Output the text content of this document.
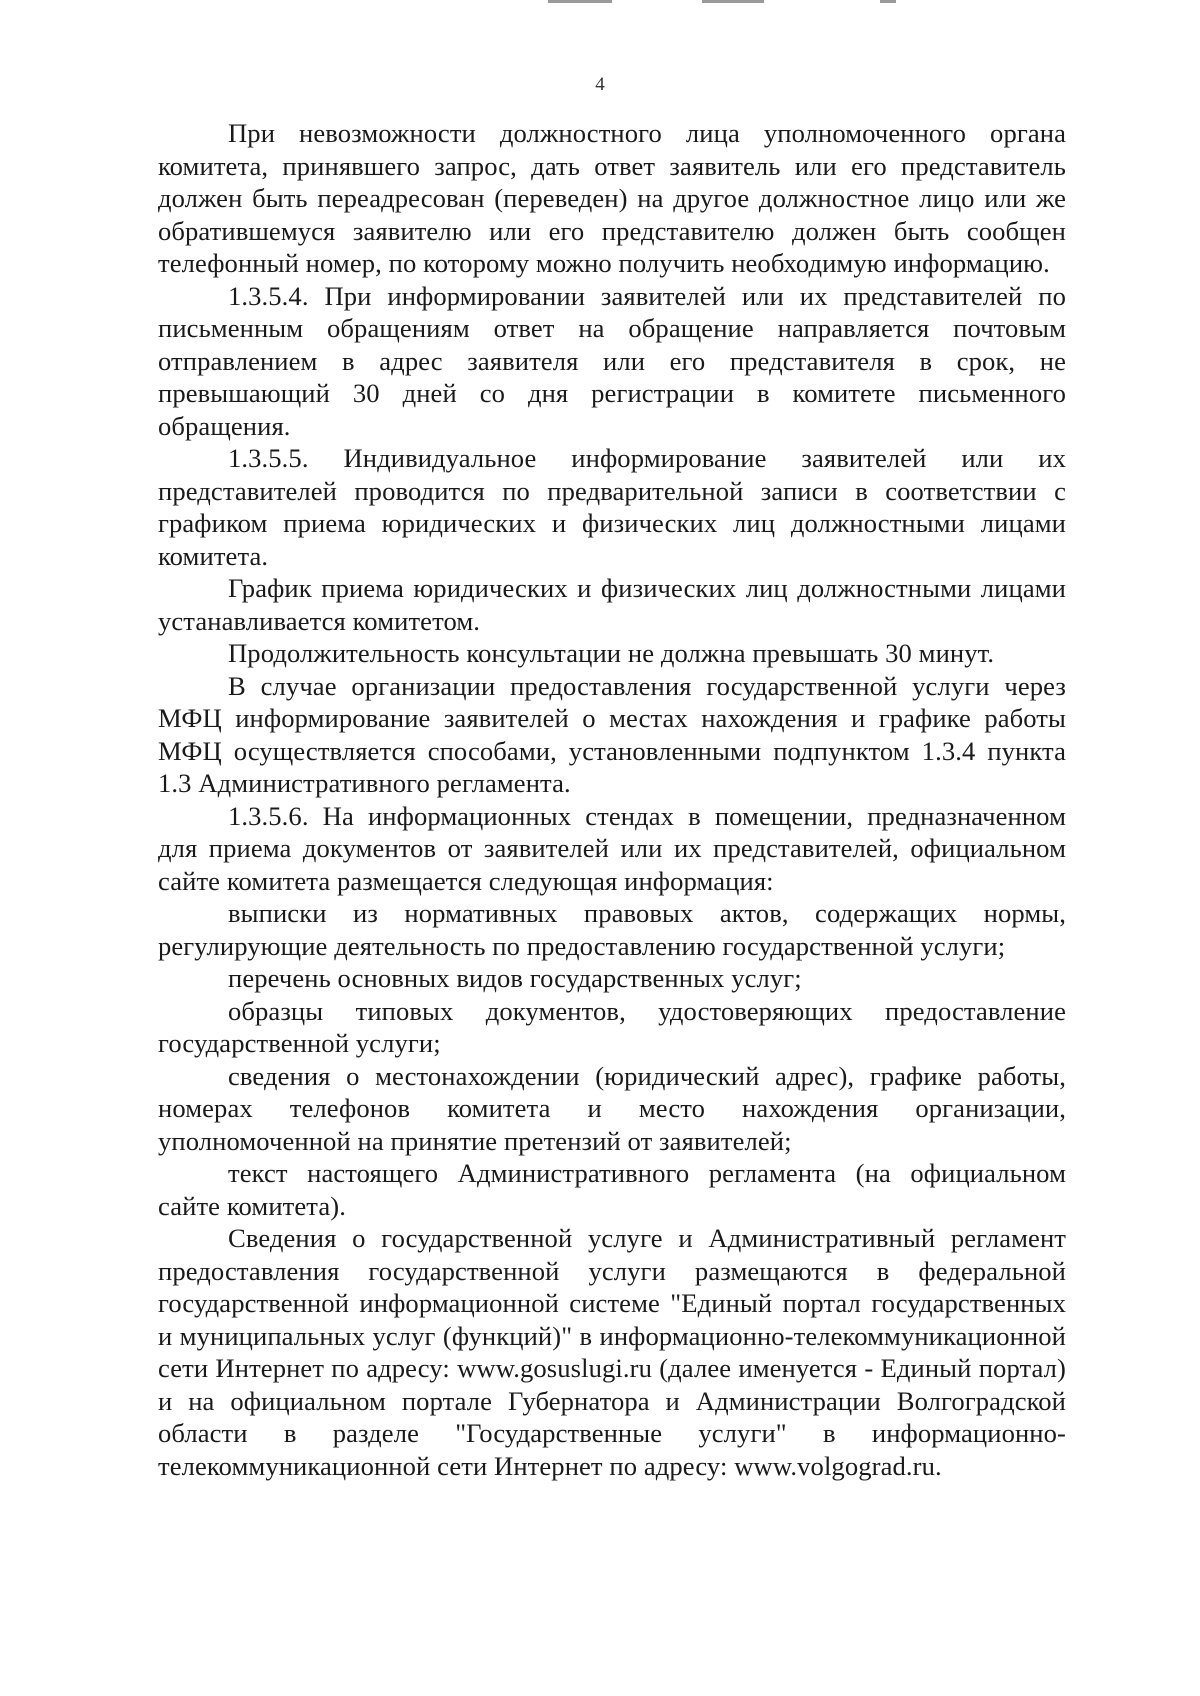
4

При невозможности должностного лица уполномоченного органа комитета, принявшего запрос, дать ответ заявитель или его представитель должен быть переадресован (переведен) на другое должностное лицо или же обратившемуся заявителю или его представителю должен быть сообщен телефонный номер, по которому можно получить необходимую информацию.

1.3.5.4. При информировании заявителей или их представителей по письменным обращениям ответ на обращение направляется почтовым отправлением в адрес заявителя или его представителя в срок, не превышающий 30 дней со дня регистрации в комитете письменного обращения.

1.3.5.5. Индивидуальное информирование заявителей или их представителей проводится по предварительной записи в соответствии с графиком приема юридических и физических лиц должностными лицами комитета.

График приема юридических и физических лиц должностными лицами устанавливается комитетом.

Продолжительность консультации не должна превышать 30 минут.

В случае организации предоставления государственной услуги через МФЦ информирование заявителей о местах нахождения и графике работы МФЦ осуществляется способами, установленными подпунктом 1.3.4 пункта 1.3 Административного регламента.

1.3.5.6. На информационных стендах в помещении, предназначенном для приема документов от заявителей или их представителей, официальном сайте комитета размещается следующая информация:

выписки из нормативных правовых актов, содержащих нормы, регулирующие деятельность по предоставлению государственной услуги;

перечень основных видов государственных услуг;

образцы типовых документов, удостоверяющих предоставление государственной услуги;

сведения о местонахождении (юридический адрес), графике работы, номерах телефонов комитета и место нахождения организации, уполномоченной на принятие претензий от заявителей;

текст настоящего Административного регламента (на официальном сайте комитета).

Сведения о государственной услуге и Административный регламент предоставления государственной услуги размещаются в федеральной государственной информационной системе "Единый портал государственных и муниципальных услуг (функций)" в информационно-телекоммуникационной сети Интернет по адресу: www.gosuslugi.ru (далее именуется - Единый портал) и на официальном портале Губернатора и Администрации Волгоградской области в разделе "Государственные услуги" в информационно-телекоммуникационной сети Интернет по адресу: www.volgograd.ru.
